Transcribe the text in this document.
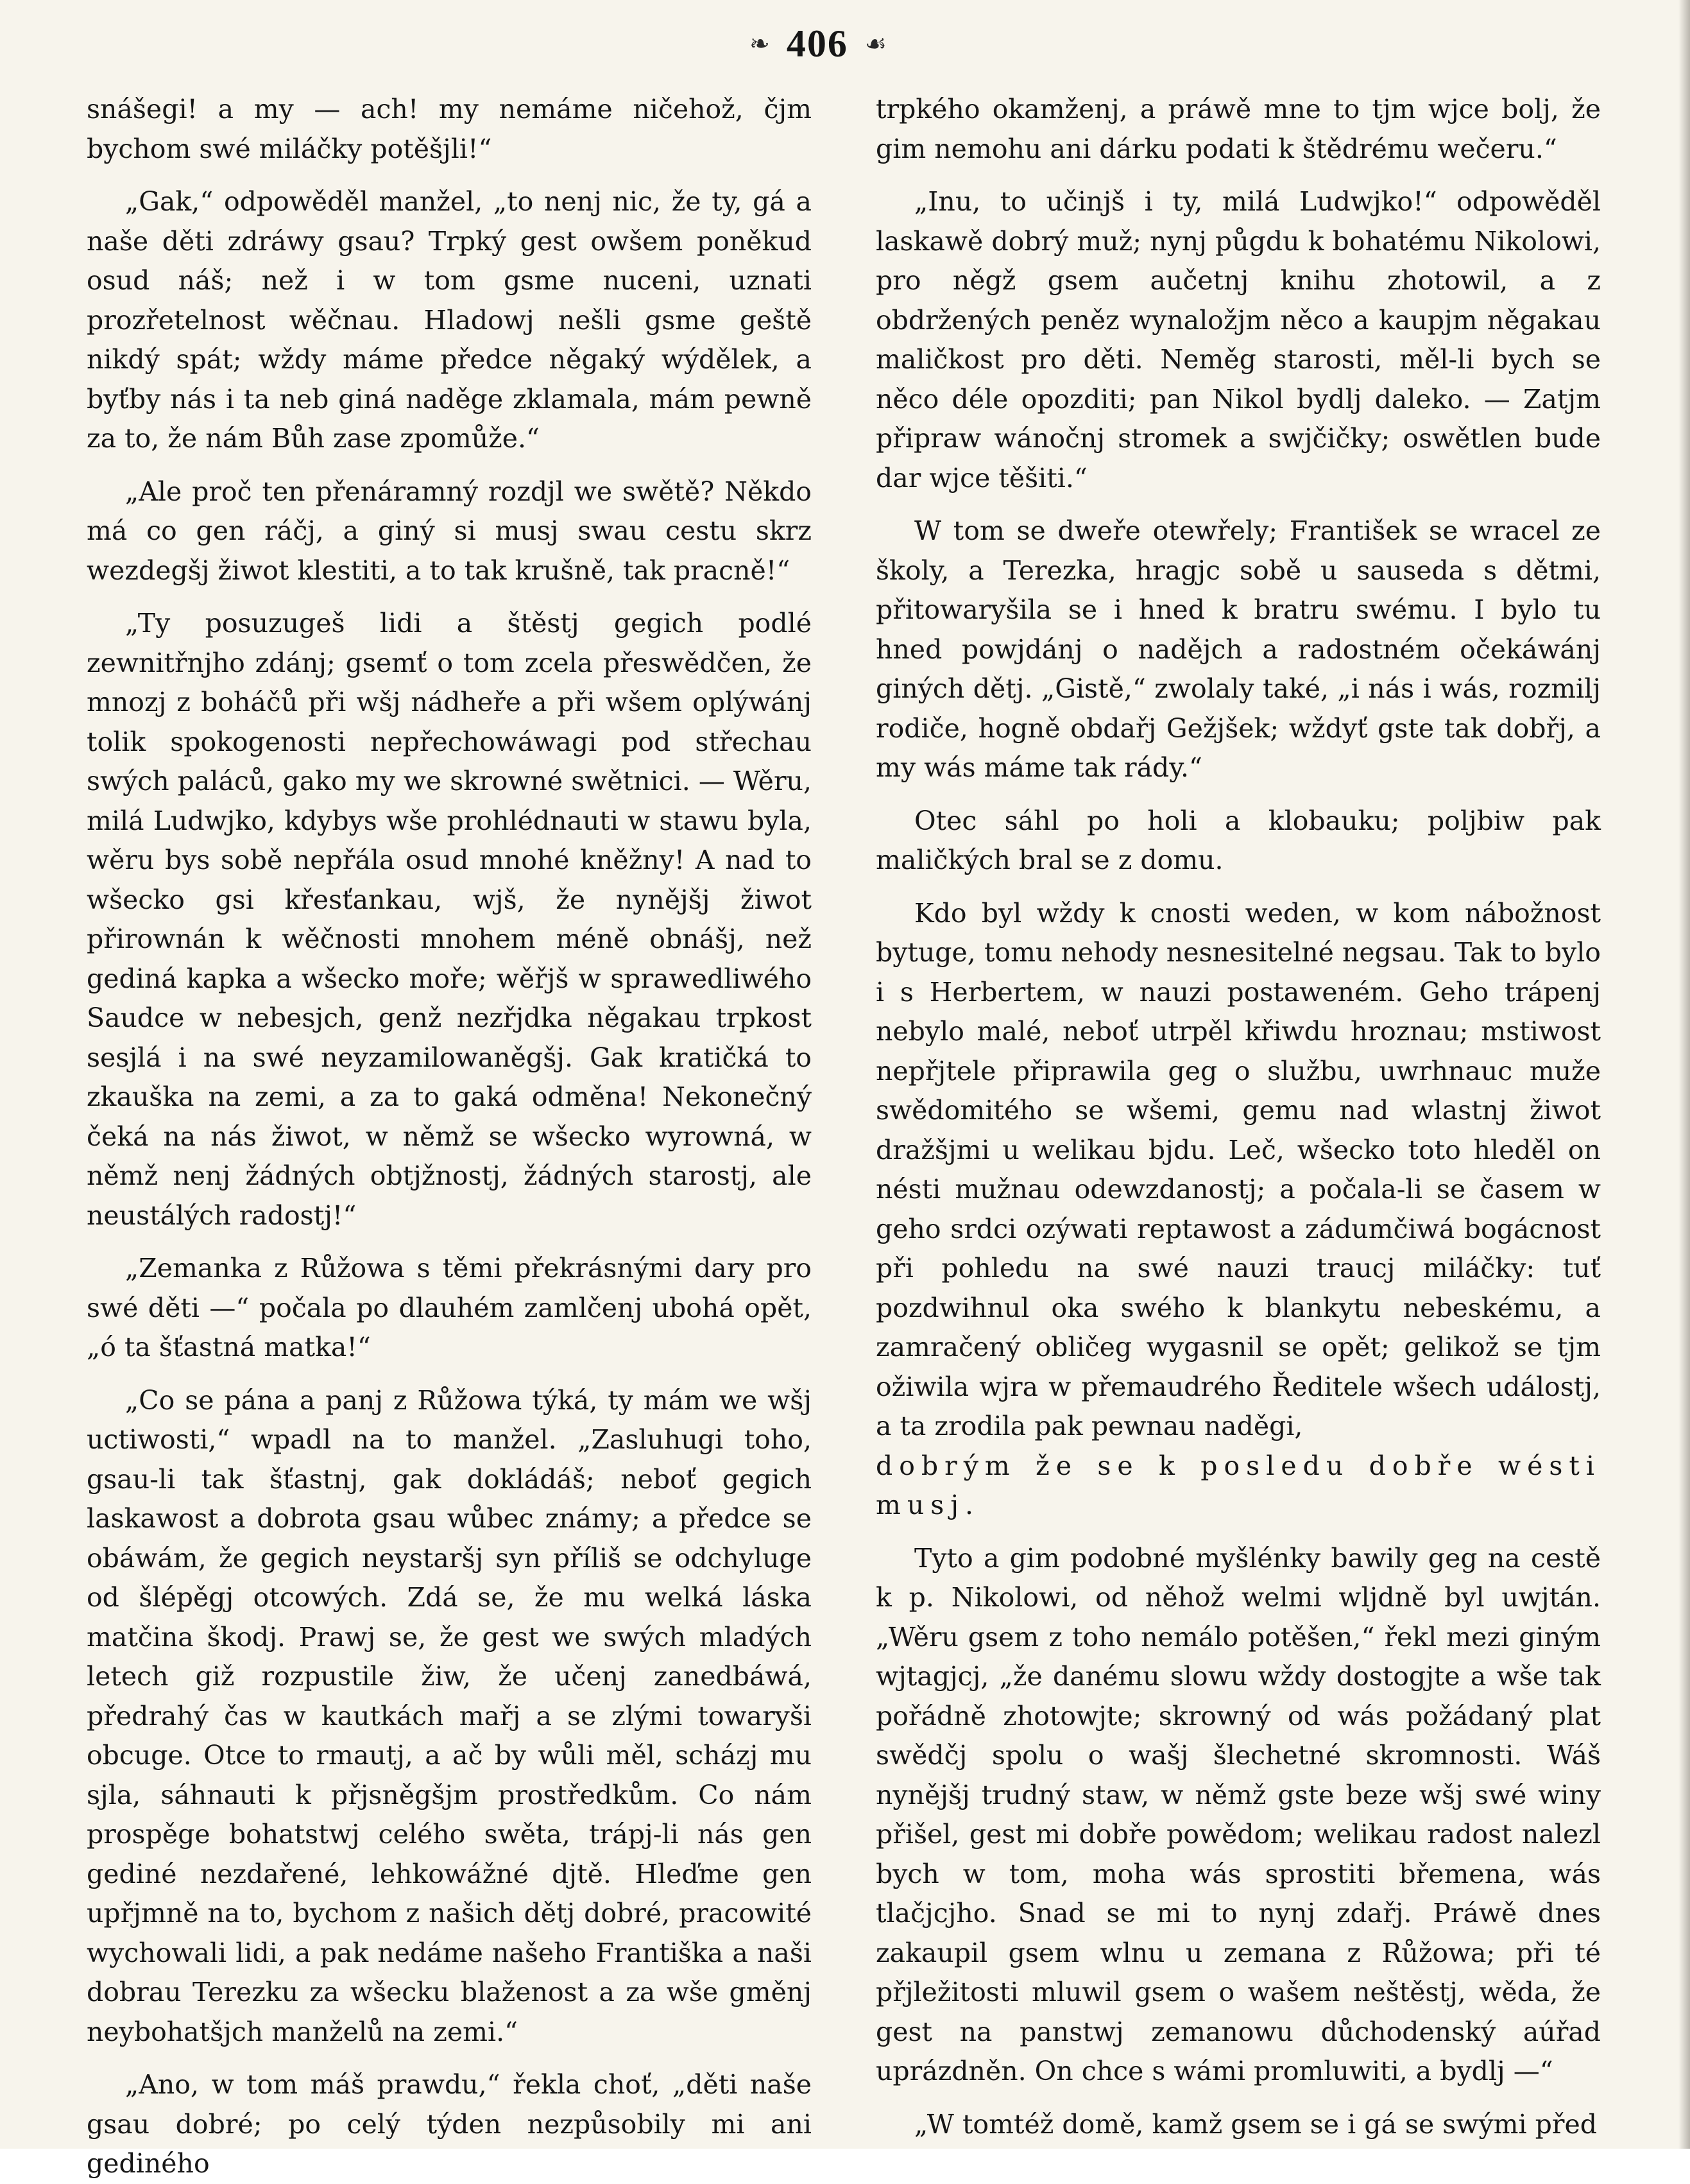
❧ 406 ☙

snášegi! a my — ach! my nemáme ničehož, čjm bychom swé miláčky potěšjli!“

„Gak,“ odpowěděl manžel, „to nenj nic, že ty, gá a naše děti zdráwy gsau? Trpký gest owšem poněkud osud náš; než i w tom gsme nuceni, uznati prozřetelnost wěčnau. Hladowj nešli gsme geště nikdý spát; wždy máme předce něgaký wýdělek, a byťby nás i ta neb giná naděge zklamala, mám pewně za to, že nám Bůh zase zpomůže.“

„Ale proč ten přenáramný rozdjl we swětě? Někdo má co gen ráčj, a giný si musj swau cestu skrz wezdegšj žiwot klestiti, a to tak krušně, tak pracně!“

„Ty posuzugeš lidi a štěstj gegich podlé zewnitřnjho zdánj; gsemť o tom zcela přeswědčen, že mnozj z boháčů při wšj nádheře a při wšem oplýwánj tolik spokogenosti nepřechowáwagi pod střechau swých paláců, gako my we skrowné swětnici. — Wěru, milá Ludwjko, kdybys wše prohlédnauti w stawu byla, wěru bys sobě nepřála osud mnohé kněžny! A nad to wšecko gsi křesťankau, wjš, že nynějšj žiwot přirownán k wěčnosti mnohem méně obnášj, než gediná kapka a wšecko moře; wěřjš w sprawedliwého Saudce w nebesjch, genž nezřjdka něgakau trpkost sesjlá i na swé neyzamilowaněgšj. Gak kratičká to zkauška na zemi, a za to gaká odměna! Nekonečný čeká na nás žiwot, w němž se wšecko wyrowná, w němž nenj žádných obtjžnostj, žádných starostj, ale neustálých radostj!“

„Zemanka z Růžowa s těmi překrásnými dary pro swé děti —“ počala po dlauhém zamlčenj ubohá opět, „ó ta šťastná matka!“

„Co se pána a panj z Růžowa týká, ty mám we wšj uctiwosti,“ wpadl na to manžel. „Zasluhugi toho, gsau-li tak šťastnj, gak dokládáš; neboť gegich laskawost a dobrota gsau wůbec známy; a předce se obáwám, že gegich neystaršj syn příliš se odchyluge od šlépěgj otcowých. Zdá se, že mu welká láska matčina škodj. Prawj se, že gest we swých mladých letech giž rozpustile žiw, že učenj zanedbáwá, předrahý čas w kautkách mařj a se zlými towaryši obcuge. Otce to rmautj, a ač by wůli měl, scházj mu sjla, sáhnauti k přjsněgšjm prostředkům. Co nám prospěge bohatstwj celého swěta, trápj-li nás gen gediné nezdařené, lehkowážné djtě. Hleďme gen upřjmně na to, bychom z našich dětj dobré, pracowité wychowali lidi, a pak nedáme našeho Františka a naši dobrau Terezku za wšecku blaženost a za wše gměnj neybohatšjch manželů na zemi.“

„Ano, w tom máš prawdu,“ řekla choť, „děti naše gsau dobré; po celý týden nezpůsobily mi ani gedinéhо

trpkého okamženj, a práwě mne to tjm wjce bolj, že gim nemohu ani dárku podati k štědrému wečeru.“

„Inu, to učinjš i ty, milá Ludwjko!“ odpowěděl laskawě dobrý muž; nynj půgdu k bohatému Nikolowi, pro něgž gsem aučetnj knihu zhotowil, a z obdržených peněz wynaložjm něco a kaupjm něgakau maličkost pro děti. Neměg starosti, měl-li bych se něco déle opozditi; pan Nikol bydlj daleko. — Zatjm připraw wánočnj stromek a swjčičky; oswětlen bude dar wjce těšiti.“

W tom se dweře otewřely; František se wracel ze školy, a Terezka, hragjc sobě u sauseda s dětmi, přitowaryšila se i hned k bratru swému. I bylo tu hned powjdánj o nadějch a radostném očekáwánj giných dětj. „Gistě,“ zwolaly také, „i nás i wás, rozmilj rodiče, hogně obdařj Gežjšek; wždyť gste tak dobřj, a my wás máme tak rády.“

Otec sáhl po holi a klobauku; poljbiw pak maličkých bral se z domu.

Kdo byl wždy k cnosti weden, w kom nábožnost bytuge, tomu nehody nesnesitelné negsau. Tak to bylo i s Herbertem, w nauzi postaweném. Geho trápenj nebylo malé, neboť utrpěl křiwdu hroznau; mstiwost nepřjtele připrawila geg o službu, uwrhnauc muže swědomitého se wšemi, gemu nad wlastnj žiwot dražšjmi u welikau bjdu. Leč, wšecko toto hleděl on nésti mužnau odewzdanostj; a počala-li se časem w geho srdci ozýwati reptawost a zádumčiwá bogácnost při pohledu na swé nauzi traucj miláčky: tuť pozdwihnul oka swého k blankytu nebeskému, a zamračený obličeg wygasnil se opět; gelikož se tjm ožiwila wjra w přemaudrého Ředitele wšech událostj, a ta zrodila pak pewnau naděgi,

dobrým že se k posledu dobře wésti musj.

Tyto a gim podobné myšlénky bawily geg na cestě k p. Nikolowi, od něhož welmi wljdně byl uwjtán. „Wěru gsem z toho nemálo potěšen,“ řekl mezi giným wjtagjcj, „že danému slowu wždy dostogjte a wše tak pořádně zhotowjte; skrowný od wás požádaný plat swědčj spolu o wašj šlechetné skromnosti. Wáš nynějšj trudný staw, w němž gste beze wšj swé winy přišel, gest mi dobře powědom; welikau radost nalezl bych w tom, moha wás sprostiti břemena, wás tlačjcjho. Snad se mi to nynj zdařj. Práwě dnes zakaupil gsem wlnu u zemana z Růžowa; při té přjležitosti mluwil gsem o wašem neštěstj, wěda, že gest na panstwj zemanowu důchodenský aúřad uprázdněn. On chce s wámi promluwiti, a bydlj —“

„W tomtéž domě, kamž gsem se i gá se swými před
